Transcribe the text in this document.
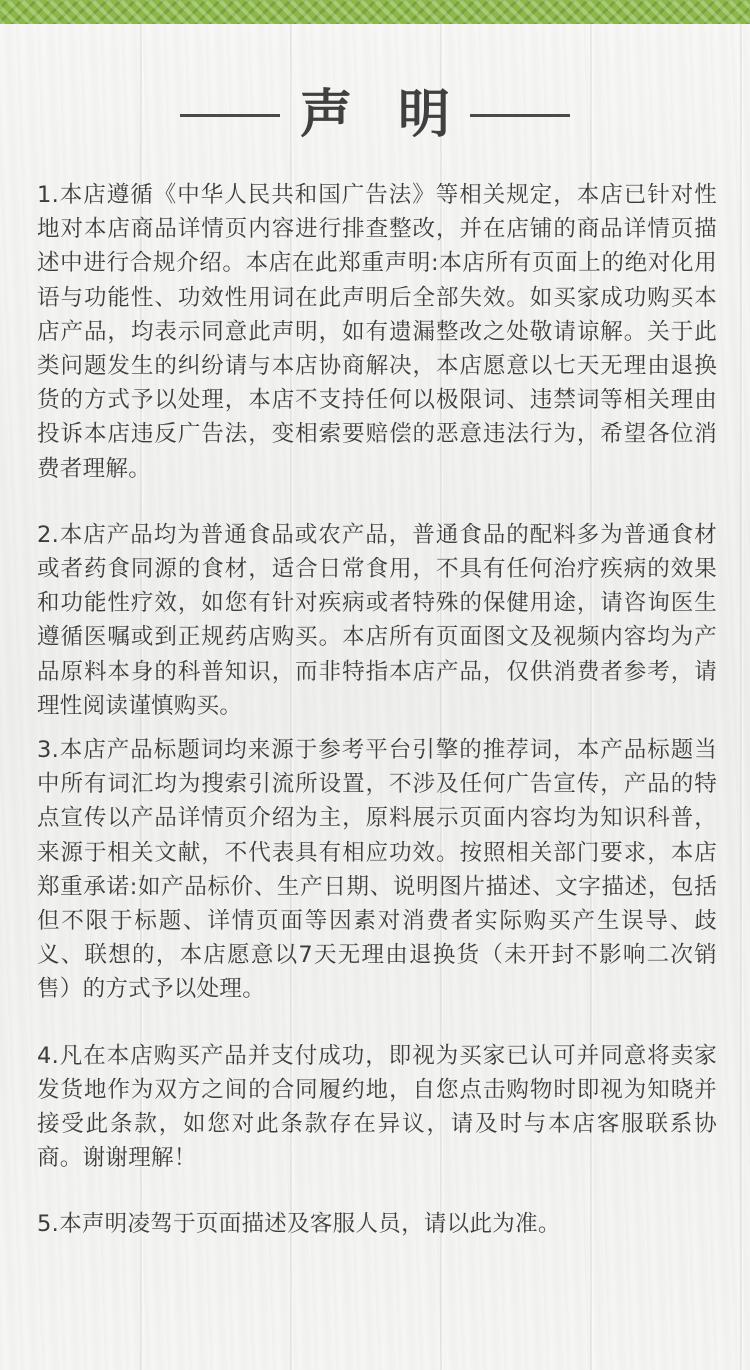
声 明

1.本店遵循《中华人民共和国广告法》等相关规定，本店已针对性地对本店商品详情页内容进行排查整改，并在店铺的商品详情页描述中进行合规介绍。本店在此郑重声明:本店所有页面上的绝对化用语与功能性、功效性用词在此声明后全部失效。如买家成功购买本店产品，均表示同意此声明，如有遗漏整改之处敬请谅解。关于此类问题发生的纠纷请与本店协商解决，本店愿意以七天无理由退换货的方式予以处理，本店不支持任何以极限词、违禁词等相关理由投诉本店违反广告法，变相索要赔偿的恶意违法行为，希望各位消费者理解。

2.本店产品均为普通食品或农产品，普通食品的配料多为普通食材或者药食同源的食材，适合日常食用，不具有任何治疗疾病的效果和功能性疗效，如您有针对疾病或者特殊的保健用途，请咨询医生遵循医嘱或到正规药店购买。本店所有页面图文及视频内容均为产品原料本身的科普知识，而非特指本店产品，仅供消费者参考，请理性阅读谨慎购买。

3.本店产品标题词均来源于参考平台引擎的推荐词，本产品标题当中所有词汇均为搜索引流所设置，不涉及任何广告宣传，产品的特点宣传以产品详情页介绍为主，原料展示页面内容均为知识科普，来源于相关文献，不代表具有相应功效。按照相关部门要求，本店郑重承诺:如产品标价、生产日期、说明图片描述、文字描述，包括但不限于标题、详情页面等因素对消费者实际购买产生误导、歧义、联想的，本店愿意以7天无理由退换货（未开封不影响二次销售）的方式予以处理。

4.凡在本店购买产品并支付成功，即视为买家已认可并同意将卖家发货地作为双方之间的合同履约地，自您点击购物时即视为知晓并接受此条款，如您对此条款存在异议，请及时与本店客服联系协商。谢谢理解！

5.本声明凌驾于页面描述及客服人员，请以此为准。
